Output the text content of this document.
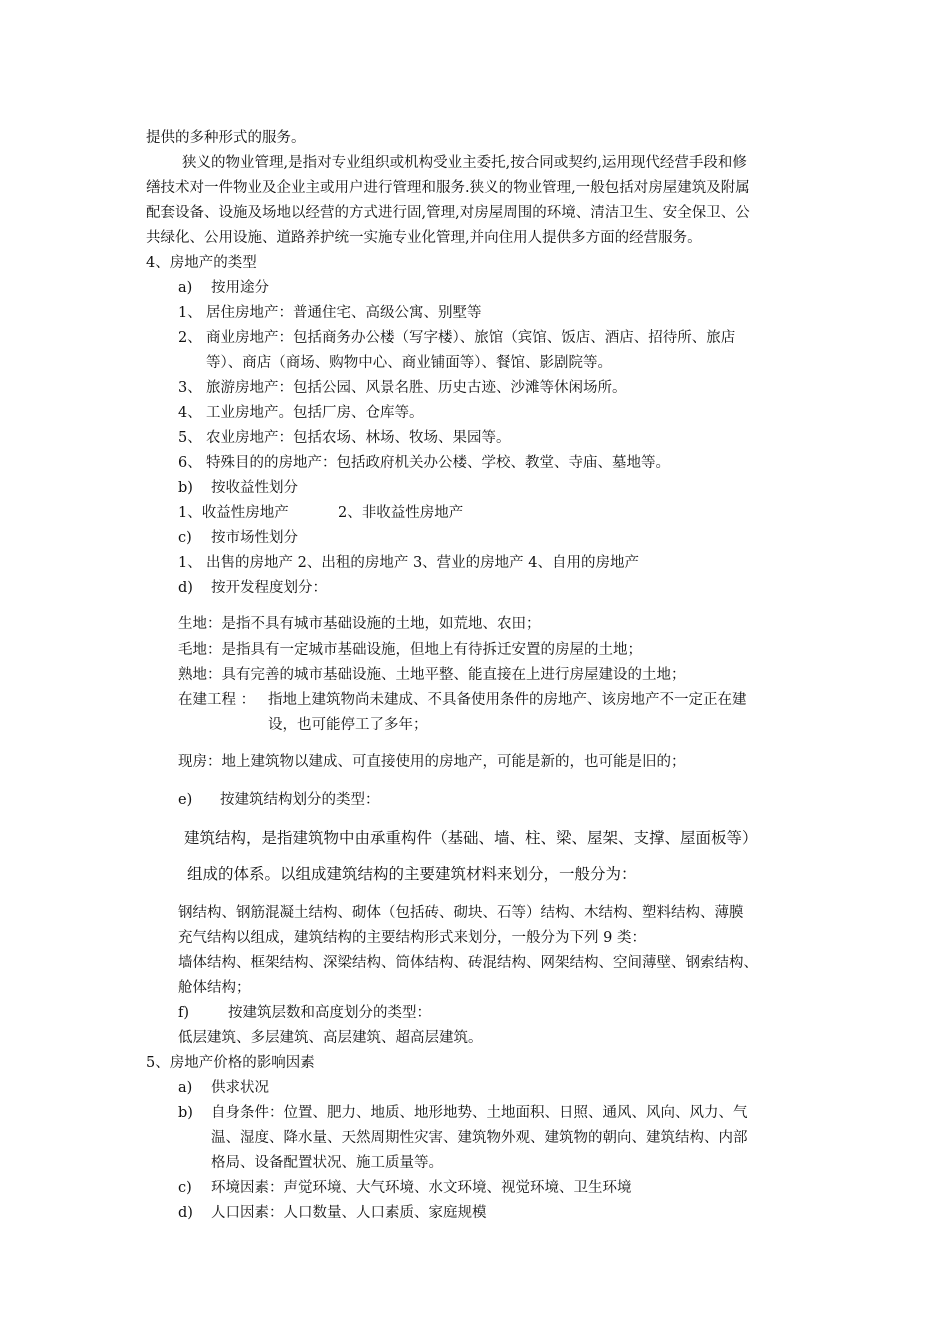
提供的多种形式的服务。
狭义的物业管理,是指对专业组织或机构受业主委托,按合同或契约,运用现代经营手段和修
缮技术对一件物业及企业主或用户进行管理和服务.狭义的物业管理,一般包括对房屋建筑及附属
配套设备、设施及场地以经营的方式进行固,管理,对房屋周围的环境、清洁卫生、安全保卫、公
共绿化、公用设施、道路养护统一实施专业化管理,并向住用人提供多方面的经营服务。
4、房地产的类型
a) 按用途分
1、 居住房地产：普通住宅、高级公寓、别墅等
2、 商业房地产：包括商务办公楼（写字楼）、旅馆（宾馆、饭店、酒店、招待所、旅店
等）、商店（商场、购物中心、商业铺面等）、餐馆、影剧院等。
3、 旅游房地产：包括公园、风景名胜、历史古迹、沙滩等休闲场所。
4、 工业房地产。包括厂房、仓库等。
5、 农业房地产：包括农场、林场、牧场、果园等。
6、 特殊目的的房地产：包括政府机关办公楼、学校、教堂、寺庙、墓地等。
b) 按收益性划分
1、收益性房地产	2、非收益性房地产
c) 按市场性划分
1、 出售的房地产 2、出租的房地产 3、营业的房地产 4、自用的房地产
d) 按开发程度划分：
生地：是指不具有城市基础设施的土地，如荒地、农田；
毛地：是指具有一定城市基础设施，但地上有待拆迁安置的房屋的土地；
熟地：具有完善的城市基础设施、土地平整、能直接在上进行房屋建设的土地；
在建工程 ： 指地上建筑物尚未建成、不具备使用条件的房地产、该房地产不一定正在建
设，也可能停工了多年；
现房：地上建筑物以建成、可直接使用的房地产，可能是新的，也可能是旧的；
e) 按建筑结构划分的类型：
建筑结构，是指建筑物中由承重构件（基础、墙、柱、梁、屋架、支撑、屋面板等）
组成的体系。以组成建筑结构的主要建筑材料来划分，一般分为：
钢结构、钢筋混凝土结构、砌体（包括砖、砌块、石等）结构、木结构、塑料结构、薄膜
充气结构以组成，建筑结构的主要结构形式来划分，一般分为下列 9 类：
墙体结构、框架结构、深梁结构、筒体结构、砖混结构、网架结构、空间薄壁、钢索结构、
舱体结构；
f)	按建筑层数和高度划分的类型：
低层建筑、多层建筑、高层建筑、超高层建筑。
5、房地产价格的影响因素
a) 供求状况
b) 自身条件：位置、肥力、地质、地形地势、土地面积、日照、通风、风向、风力、气
温、湿度、降水量、天然周期性灾害、建筑物外观、建筑物的朝向、建筑结构、内部
格局、设备配置状况、施工质量等。
c) 环境因素：声觉环境、大气环境、水文环境、视觉环境、卫生环境
d) 人口因素：人口数量、人口素质、家庭规模
